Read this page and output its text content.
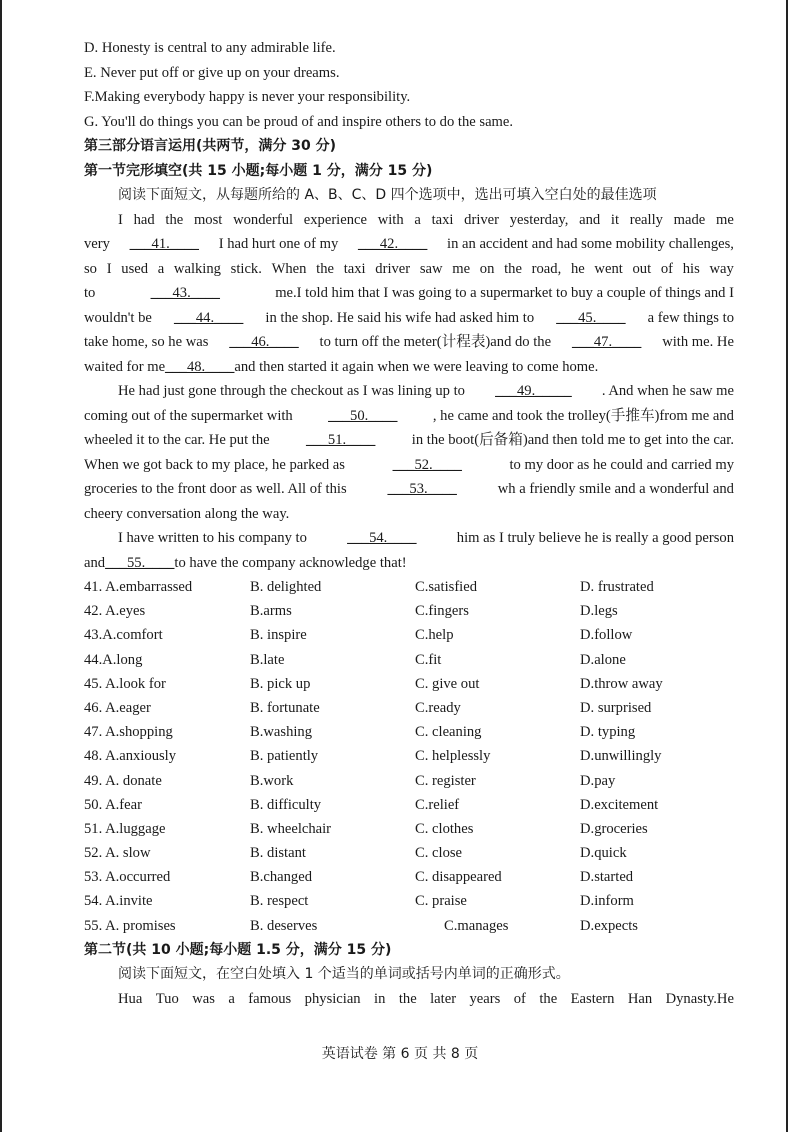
D. Honesty is central to any admirable life.
E. Never put off or give up on your dreams.
F.Making everybody happy is never your responsibility.
G. You'll do things you can be proud of and inspire others to do the same.
第三部分语言运用(共两节，满分 30 分)
第一节完形填空(共 15 小题;每小题 1 分，满分 15 分)
阅读下面短文，从每题所给的 A、B、C、D 四个选项中，选出可填入空白处的最佳选项
I had the most wonderful experience with a taxi driver yesterday, and it really made me
very ___41.____ I had hurt one of my ___42.____ in an accident and had some mobility challenges,
so I used a walking stick. When the taxi driver saw me on the road, he went out of his way
to	___43.____	me.I told him that I was going to a supermarket to buy a couple of things and I
wouldn't be ___44.____ in the shop. He said his wife had asked him to ___45.____ a few things to
take home, so he was ___46.____ to turn off the meter(计程表)and do the ___47.____ with me. He
waited for me___48.____and then started it again when we were leaving to come home.
He had just gone through the checkout as I was lining up to ___49._____ . And when he saw me
coming out of the supermarket with ___50.____ , he came and took the trolley(手推车)from me and
wheeled it to the car. He put the ___51.____ in the boot(后备箱)and then told me to get into the car.
When we got back to my place, he parked as	___52.____	to my door as he could and carried my
groceries to the front door as well. All of this	___53.____	wh a friendly smile and a wonderful and
cheery conversation along the way.
I have written to his company to	___54.____	him as I truly believe he is really a good person
and___55.____to have the company acknowledge that!
41. A.embarrassed	B. delighted	C.satisfied	D. frustrated
42. A.eyes	B.arms	C.fingers	D.legs
43.A.comfort	B. inspire	C.help	D.follow
44.A.long	B.late	C.fit	D.alone
45. A.look for	B. pick up	C. give out	D.throw away
46. A.eager	B. fortunate	C.ready	D. surprised
47. A.shopping	B.washing	C. cleaning	D. typing
48. A.anxiously	B. patiently	C. helplessly	D.unwillingly
49. A. donate	B.work	C. register	D.pay
50. A.fear	B. difficulty	C.relief	D.excitement
51. A.luggage	B. wheelchair	C. clothes	D.groceries
52. A. slow	B. distant	C. close	D.quick
53. A.occurred	B.changed	C. disappeared	D.started
54. A.invite	B. respect	C. praise	D.inform
55. A. promises	B. deserves	C.manages	D.expects
第二节(共 10 小题;每小题 1.5 分，满分 15 分)
阅读下面短文，在空白处填入 1 个适当的单词或括号内单词的正确形式。
Hua Tuo was a famous physician in the later years of the Eastern Han Dynasty.He
英语试卷 第 6 页 共 8 页
